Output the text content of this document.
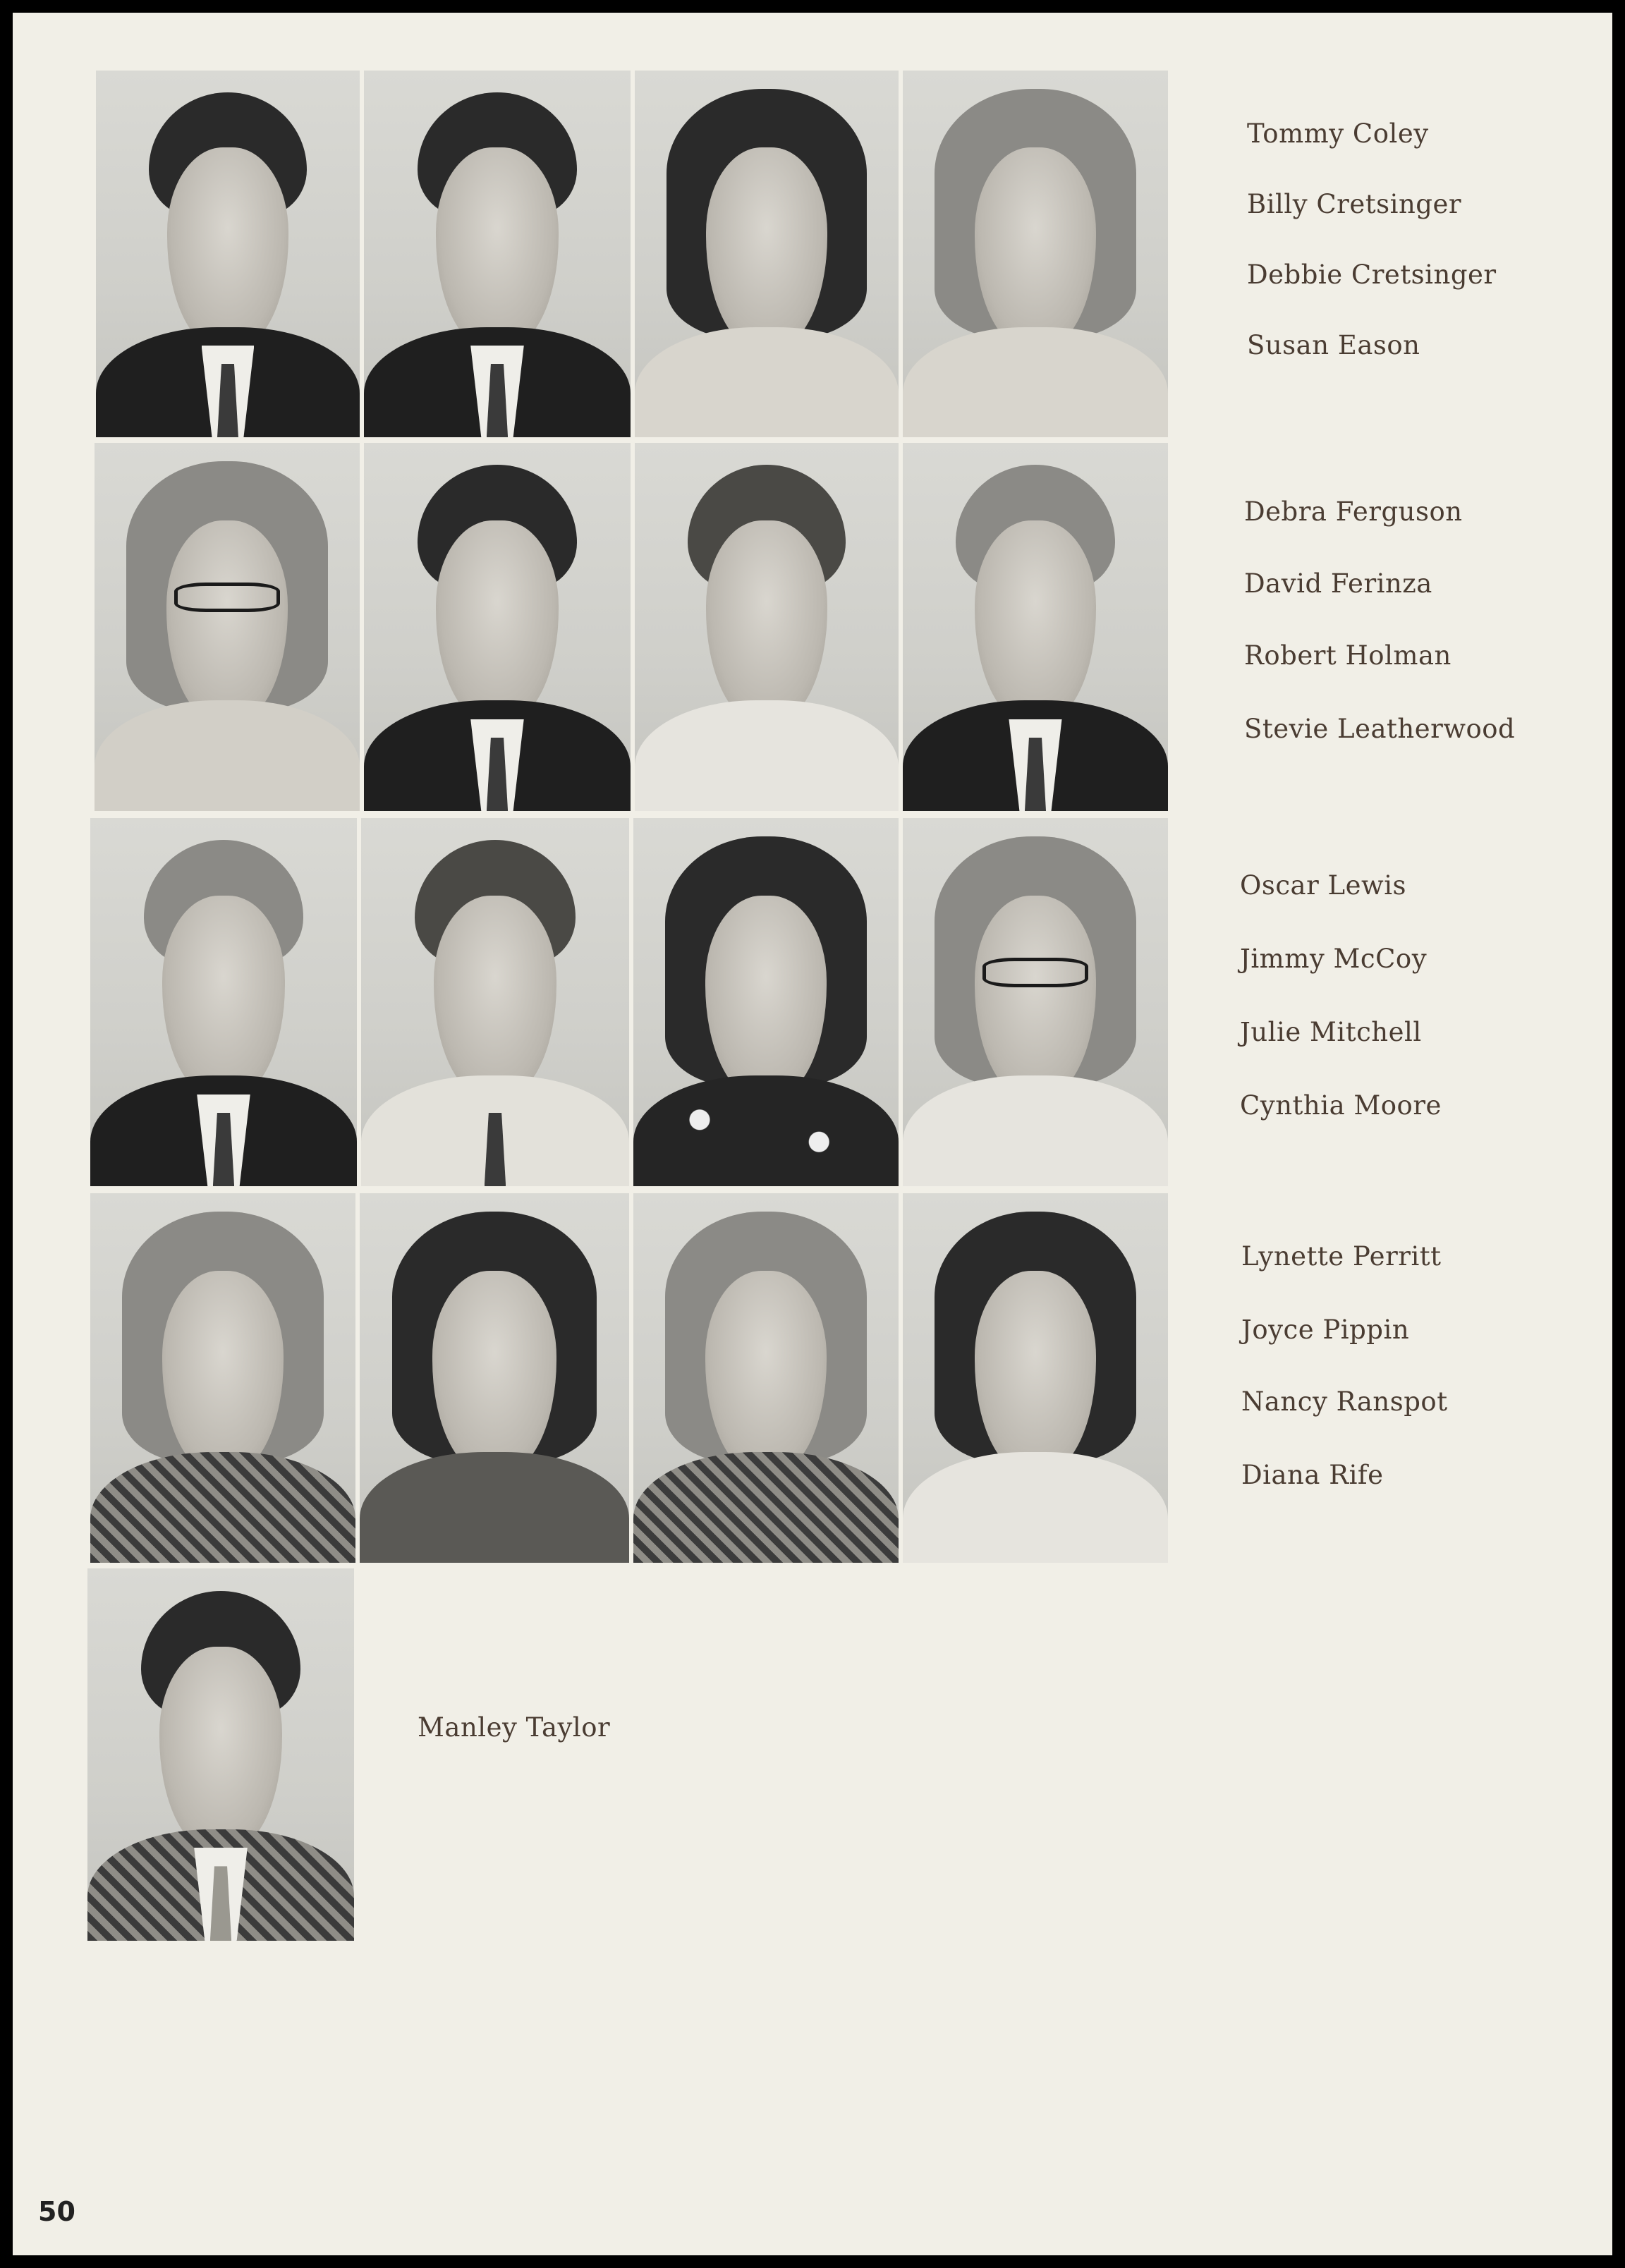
Tommy Coley
Billy Cretsinger
Debbie Cretsinger
Susan Eason
Debra Ferguson
David Ferinza
Robert Holman
Stevie Leatherwood
Oscar Lewis
Jimmy McCoy
Julie Mitchell
Cynthia Moore
Lynette Perritt
Joyce Pippin
Nancy Ranspot
Diana Rife
Manley Taylor
50
